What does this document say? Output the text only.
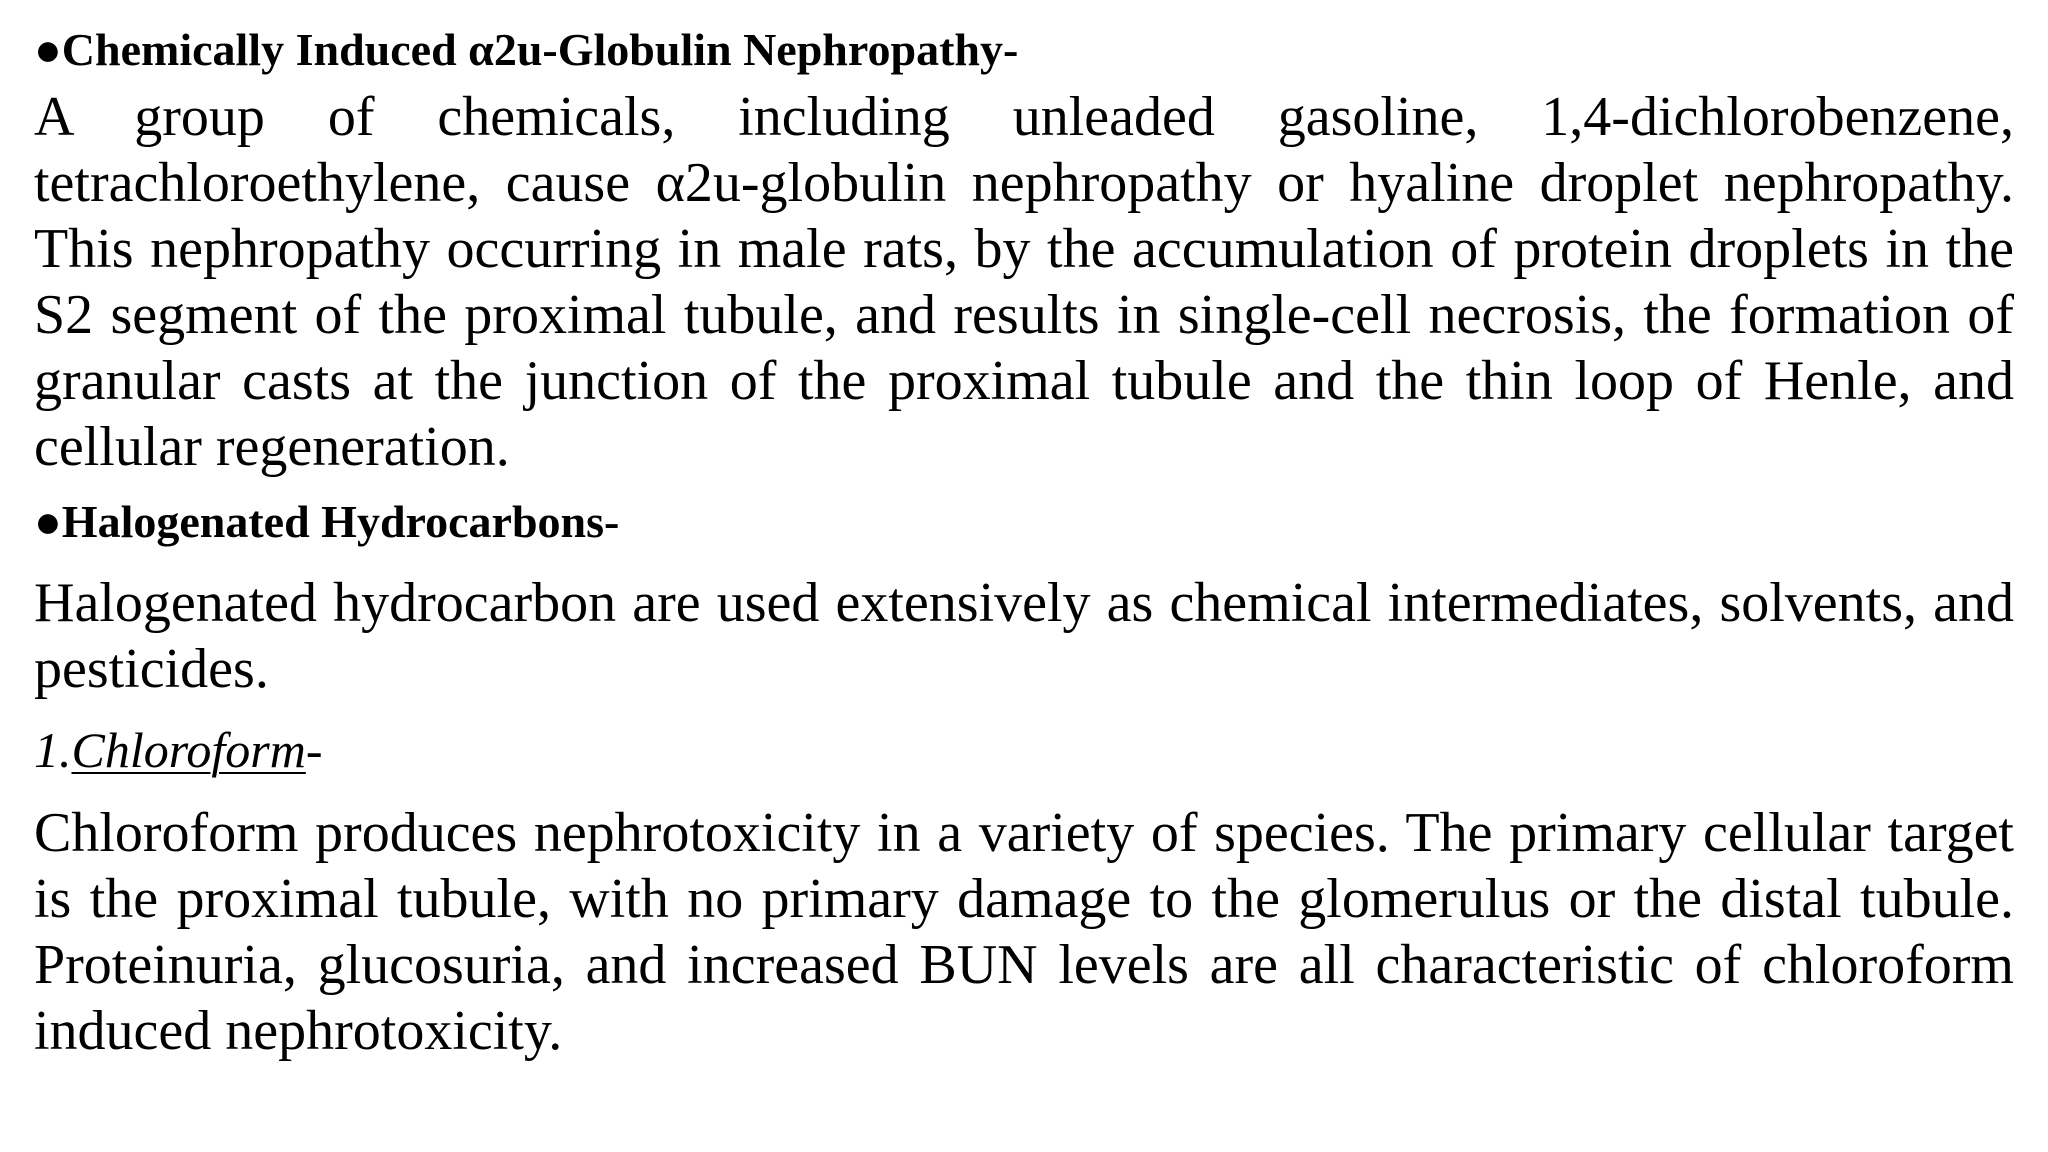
●Chemically Induced α2u-Globulin Nephropathy-

A group of chemicals, including unleaded gasoline, 1,4-dichlorobenzene, tetrachloroethylene, cause α2u-globulin nephropathy or hyaline droplet nephropathy. This nephropathy occurring in male rats, by the accumulation of protein droplets in the S2 segment of the proximal tubule, and results in single-cell necrosis, the formation of granular casts at the junction of the proximal tubule and the thin loop of Henle, and cellular regeneration.

●Halogenated Hydrocarbons-

Halogenated hydrocarbon are used extensively as chemical intermediates, solvents, and pesticides.

1.Chloroform-

Chloroform produces nephrotoxicity in a variety of species. The primary cellular target is the proximal tubule, with no primary damage to the glomerulus or the distal tubule. Proteinuria, glucosuria, and increased BUN levels are all characteristic of chloroform induced nephrotoxicity.
